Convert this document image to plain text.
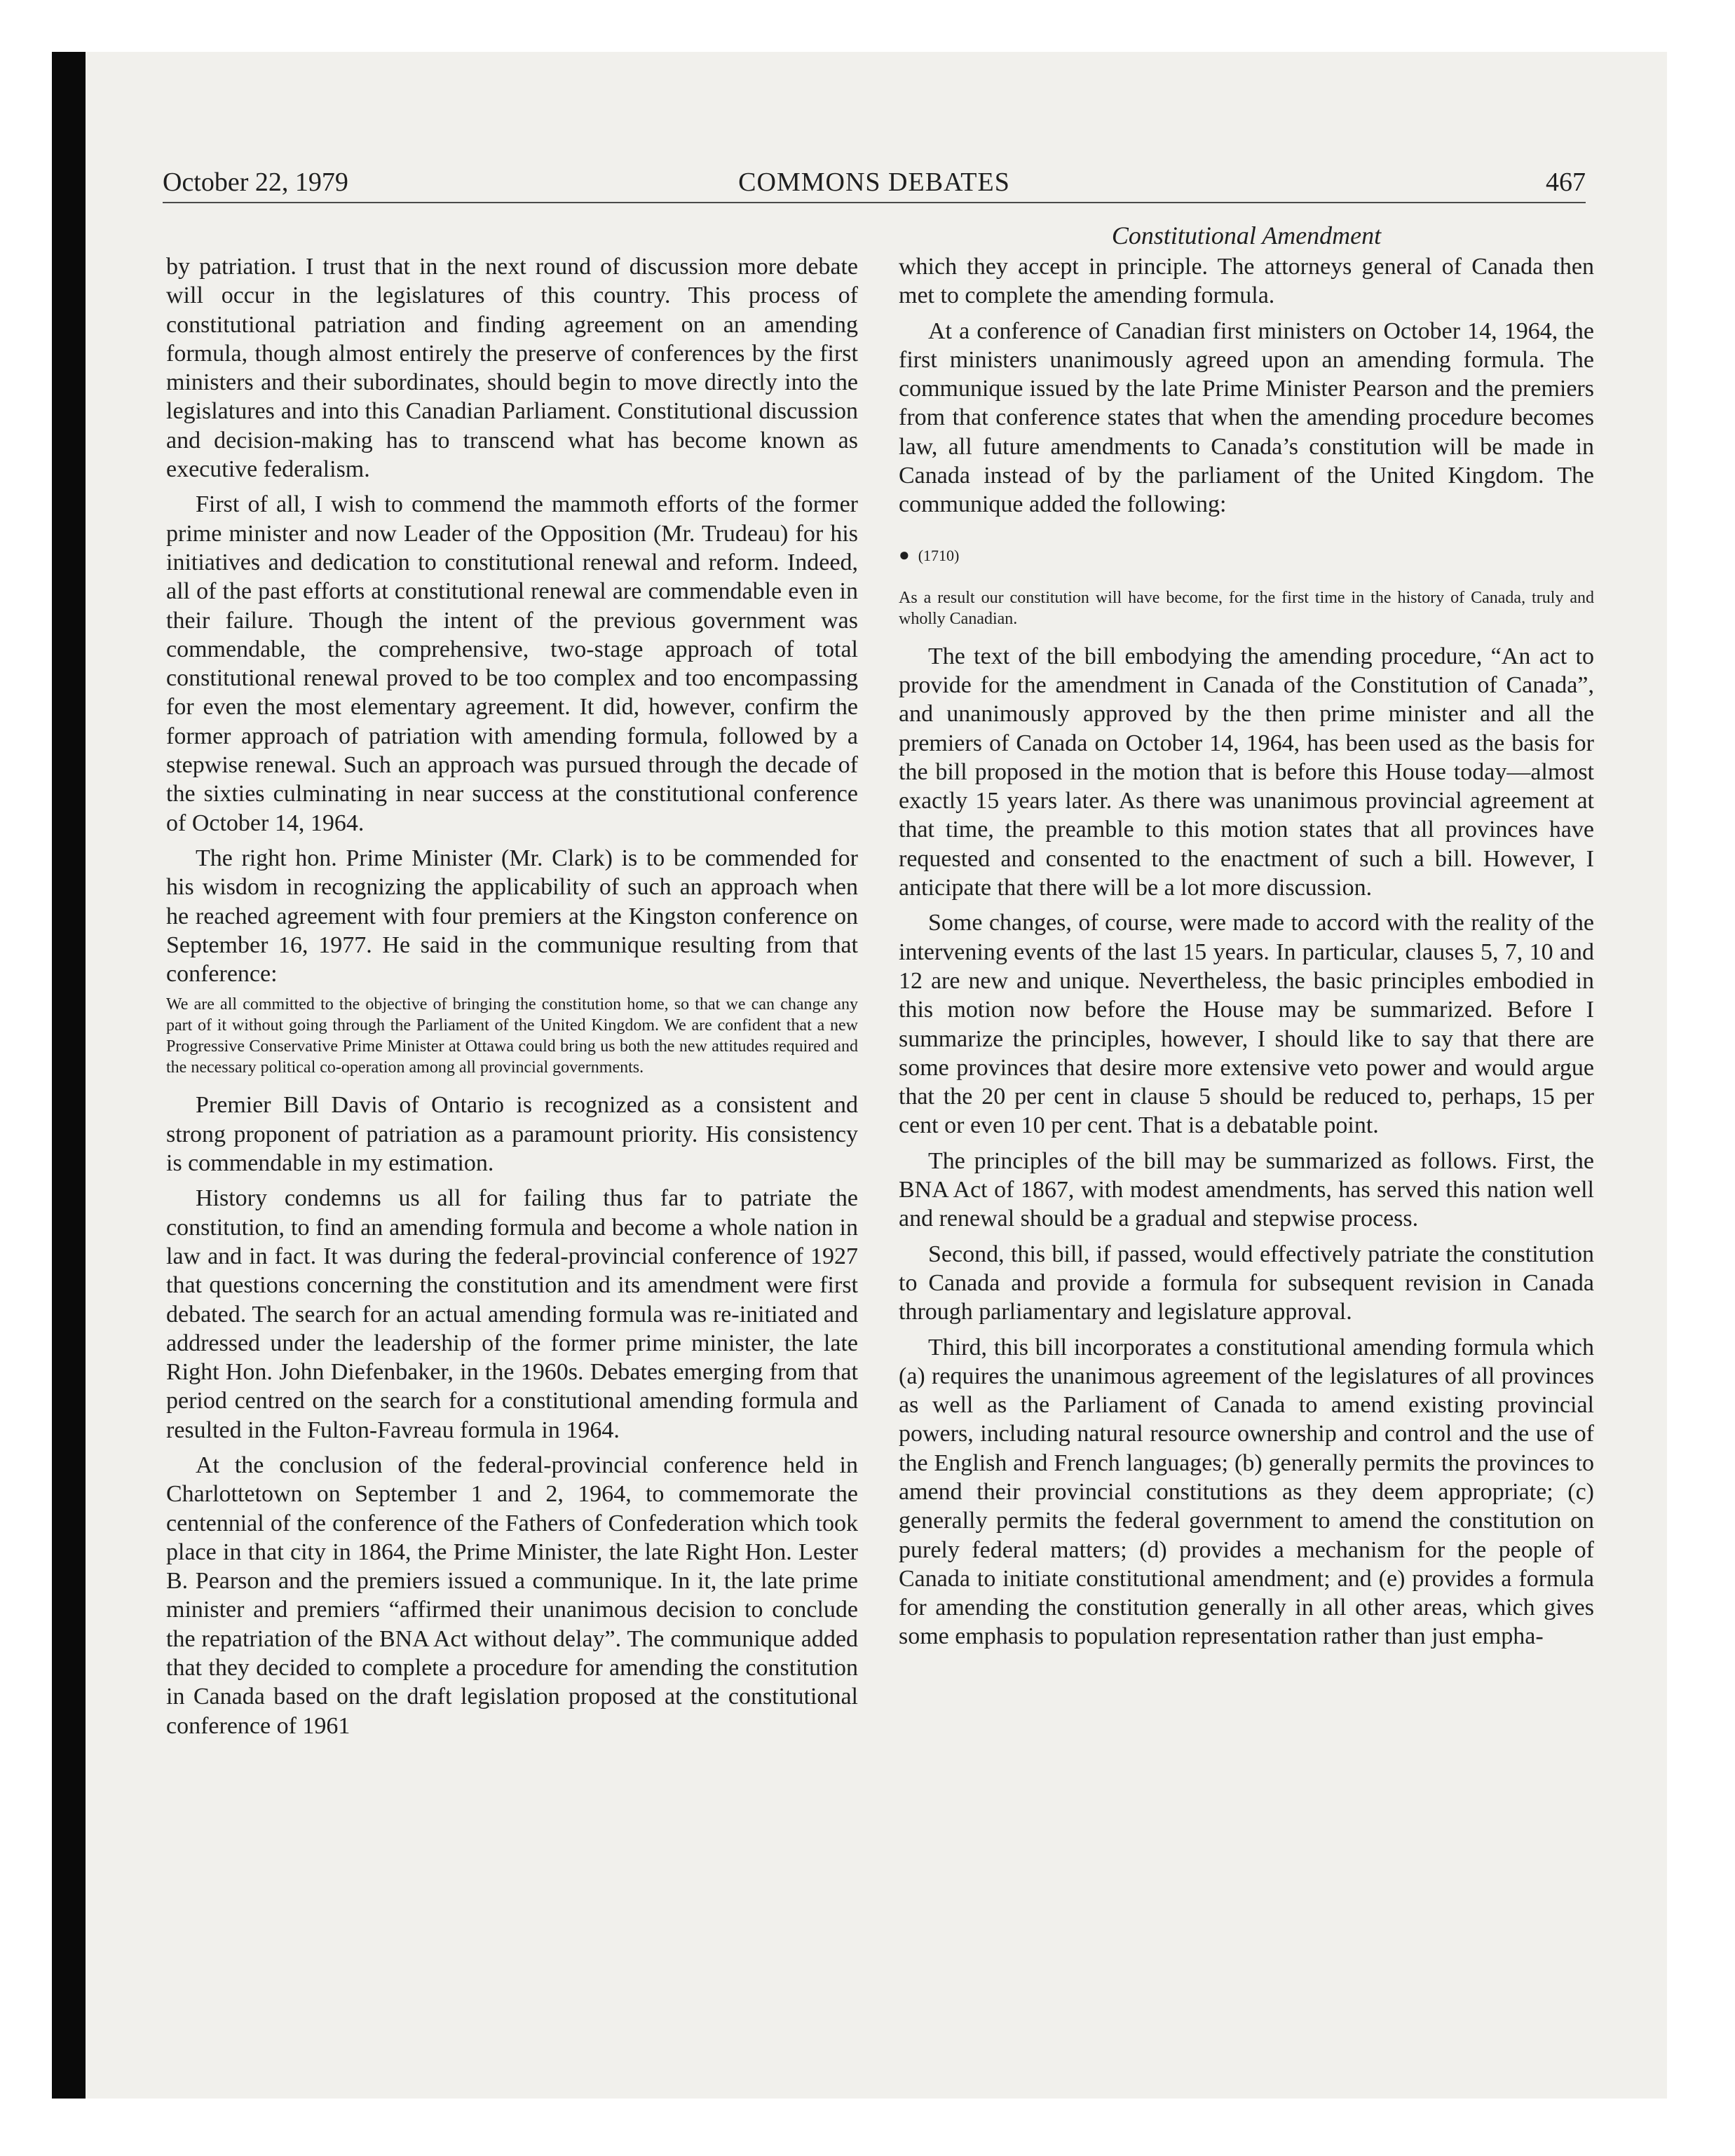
October 22, 1979	COMMONS DEBATES	467

by patriation. I trust that in the next round of discussion more debate will occur in the legislatures of this country. This process of constitutional patriation and finding agreement on an amending formula, though almost entirely the preserve of conferences by the first ministers and their subordinates, should begin to move directly into the legislatures and into this Canadian Parliament. Constitutional discussion and decision-making has to transcend what has become known as executive federalism.

First of all, I wish to commend the mammoth efforts of the former prime minister and now Leader of the Opposition (Mr. Trudeau) for his initiatives and dedication to constitutional renewal and reform. Indeed, all of the past efforts at constitutional renewal are commendable even in their failure. Though the intent of the previous government was commendable, the comprehensive, two-stage approach of total constitutional renewal proved to be too complex and too encompassing for even the most elementary agreement. It did, however, confirm the former approach of patriation with amending formula, followed by a stepwise renewal. Such an approach was pursued through the decade of the sixties culminating in near success at the constitutional conference of October 14, 1964.

The right hon. Prime Minister (Mr. Clark) is to be commended for his wisdom in recognizing the applicability of such an approach when he reached agreement with four premiers at the Kingston conference on September 16, 1977. He said in the communique resulting from that conference:

We are all committed to the objective of bringing the constitution home, so that we can change any part of it without going through the Parliament of the United Kingdom. We are confident that a new Progressive Conservative Prime Minister at Ottawa could bring us both the new attitudes required and the necessary political co-operation among all provincial governments.

Premier Bill Davis of Ontario is recognized as a consistent and strong proponent of patriation as a paramount priority. His consistency is commendable in my estimation.

History condemns us all for failing thus far to patriate the constitution, to find an amending formula and become a whole nation in law and in fact. It was during the federal-provincial conference of 1927 that questions concerning the constitution and its amendment were first debated. The search for an actual amending formula was re-initiated and addressed under the leadership of the former prime minister, the late Right Hon. John Diefenbaker, in the 1960s. Debates emerging from that period centred on the search for a constitutional amending formula and resulted in the Fulton-Favreau formula in 1964.

At the conclusion of the federal-provincial conference held in Charlottetown on September 1 and 2, 1964, to commemorate the centennial of the conference of the Fathers of Confederation which took place in that city in 1864, the Prime Minister, the late Right Hon. Lester B. Pearson and the premiers issued a communique. In it, the late prime minister and premiers “affirmed their unanimous decision to conclude the repatriation of the BNA Act without delay”. The communique added that they decided to complete a procedure for amending the constitution in Canada based on the draft legislation proposed at the constitutional conference of 1961

Constitutional Amendment

which they accept in principle. The attorneys general of Canada then met to complete the amending formula.

At a conference of Canadian first ministers on October 14, 1964, the first ministers unanimously agreed upon an amending formula. The communique issued by the late Prime Minister Pearson and the premiers from that conference states that when the amending procedure becomes law, all future amendments to Canada’s constitution will be made in Canada instead of by the parliament of the United Kingdom. The communique added the following:

● (1710)

As a result our constitution will have become, for the first time in the history of Canada, truly and wholly Canadian.

The text of the bill embodying the amending procedure, “An act to provide for the amendment in Canada of the Constitution of Canada”, and unanimously approved by the then prime minister and all the premiers of Canada on October 14, 1964, has been used as the basis for the bill proposed in the motion that is before this House today—almost exactly 15 years later. As there was unanimous provincial agreement at that time, the preamble to this motion states that all provinces have requested and consented to the enactment of such a bill. However, I anticipate that there will be a lot more discussion.

Some changes, of course, were made to accord with the reality of the intervening events of the last 15 years. In particular, clauses 5, 7, 10 and 12 are new and unique. Nevertheless, the basic principles embodied in this motion now before the House may be summarized. Before I summarize the principles, however, I should like to say that there are some provinces that desire more extensive veto power and would argue that the 20 per cent in clause 5 should be reduced to, perhaps, 15 per cent or even 10 per cent. That is a debatable point.

The principles of the bill may be summarized as follows. First, the BNA Act of 1867, with modest amendments, has served this nation well and renewal should be a gradual and stepwise process.

Second, this bill, if passed, would effectively patriate the constitution to Canada and provide a formula for subsequent revision in Canada through parliamentary and legislature approval.

Third, this bill incorporates a constitutional amending formula which (a) requires the unanimous agreement of the legislatures of all provinces as well as the Parliament of Canada to amend existing provincial powers, including natural resource ownership and control and the use of the English and French languages; (b) generally permits the provinces to amend their provincial constitutions as they deem appropriate; (c) generally permits the federal government to amend the constitution on purely federal matters; (d) provides a mechanism for the people of Canada to initiate constitutional amendment; and (e) provides a formula for amending the constitution generally in all other areas, which gives some emphasis to population representation rather than just empha-
